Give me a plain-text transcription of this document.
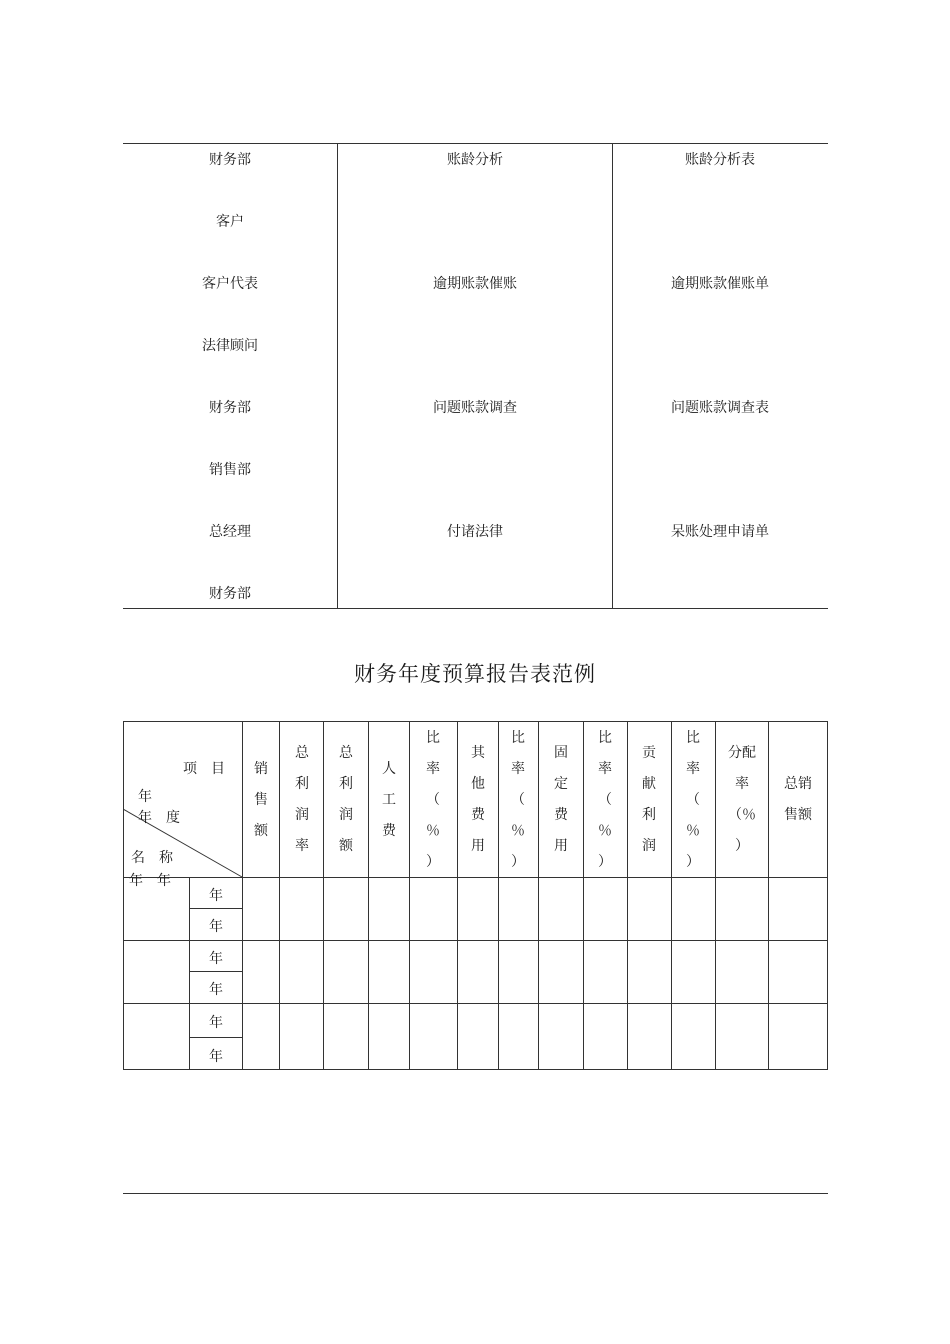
财务部
客户
客户代表
法律顾问
财务部
销售部
总经理
财务部
账龄分析
逾期账款催账
问题账款调查
付诸法律
账龄分析表
逾期账款催账单
问题账款调查表
呆账处理申请单
财务年度预算报告表范例
项　目
年
年　度
名　称
年　年
销
售
额
总
利
润
率
总
利
润
额
人
工
费
比
率
（
％
）
其
他
费
用
比
率
（
％
）
固
定
费
用
比
率
（
％
）
贡
献
利
润
比
率
（
％
）
分配
率
（％
）
总销
售额
年
年
年
年
年
年
